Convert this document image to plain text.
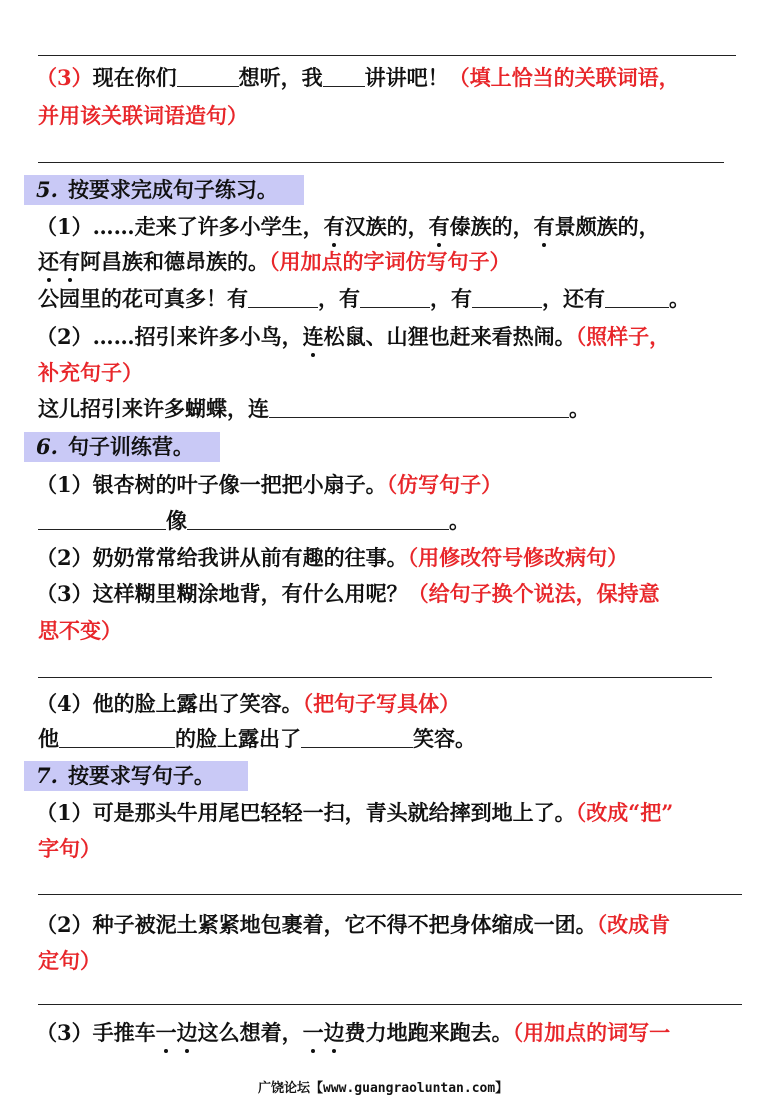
（3）现在你们	想听，我 讲讲吧！（填上恰当的关联词语，
并用该关联词语造句）
5. 按要求完成句子练习。
（1）……走来了许多小学生，有汉族的，有傣族的，有景颇族的，
还有阿昌族和德昂族的。（用加点的字词仿写句子）
公园里的花可真多！有	，有	，有	，还有	。
（2）……招引来许多小鸟，连松鼠、山狸也赶来看热闹。（照样子，
补充句子）
这儿招引来许多蝴蝶，连	。
6. 句子训练营。
（1）银杏树的叶子像一把把小扇子。（仿写句子）
像	。
（2）奶奶常常给我讲从前有趣的往事。（用修改符号修改病句）
（3）这样糊里糊涂地背，有什么用呢？（给句子换个说法，保持意
思不变）
（4）他的脸上露出了笑容。（把句子写具体）
他	的脸上露出了	笑容。
7. 按要求写句子。
（1）可是那头牛用尾巴轻轻一扫，青头就给摔到地上了。（改成“把”
字句）
（2）种子被泥土紧紧地包裹着，它不得不把身体缩成一团。（改成肯
定句）
（3）手推车一边这么想着，一边费力地跑来跑去。（用加点的词写一
广饶论坛【www.guangraoluntan.com】
